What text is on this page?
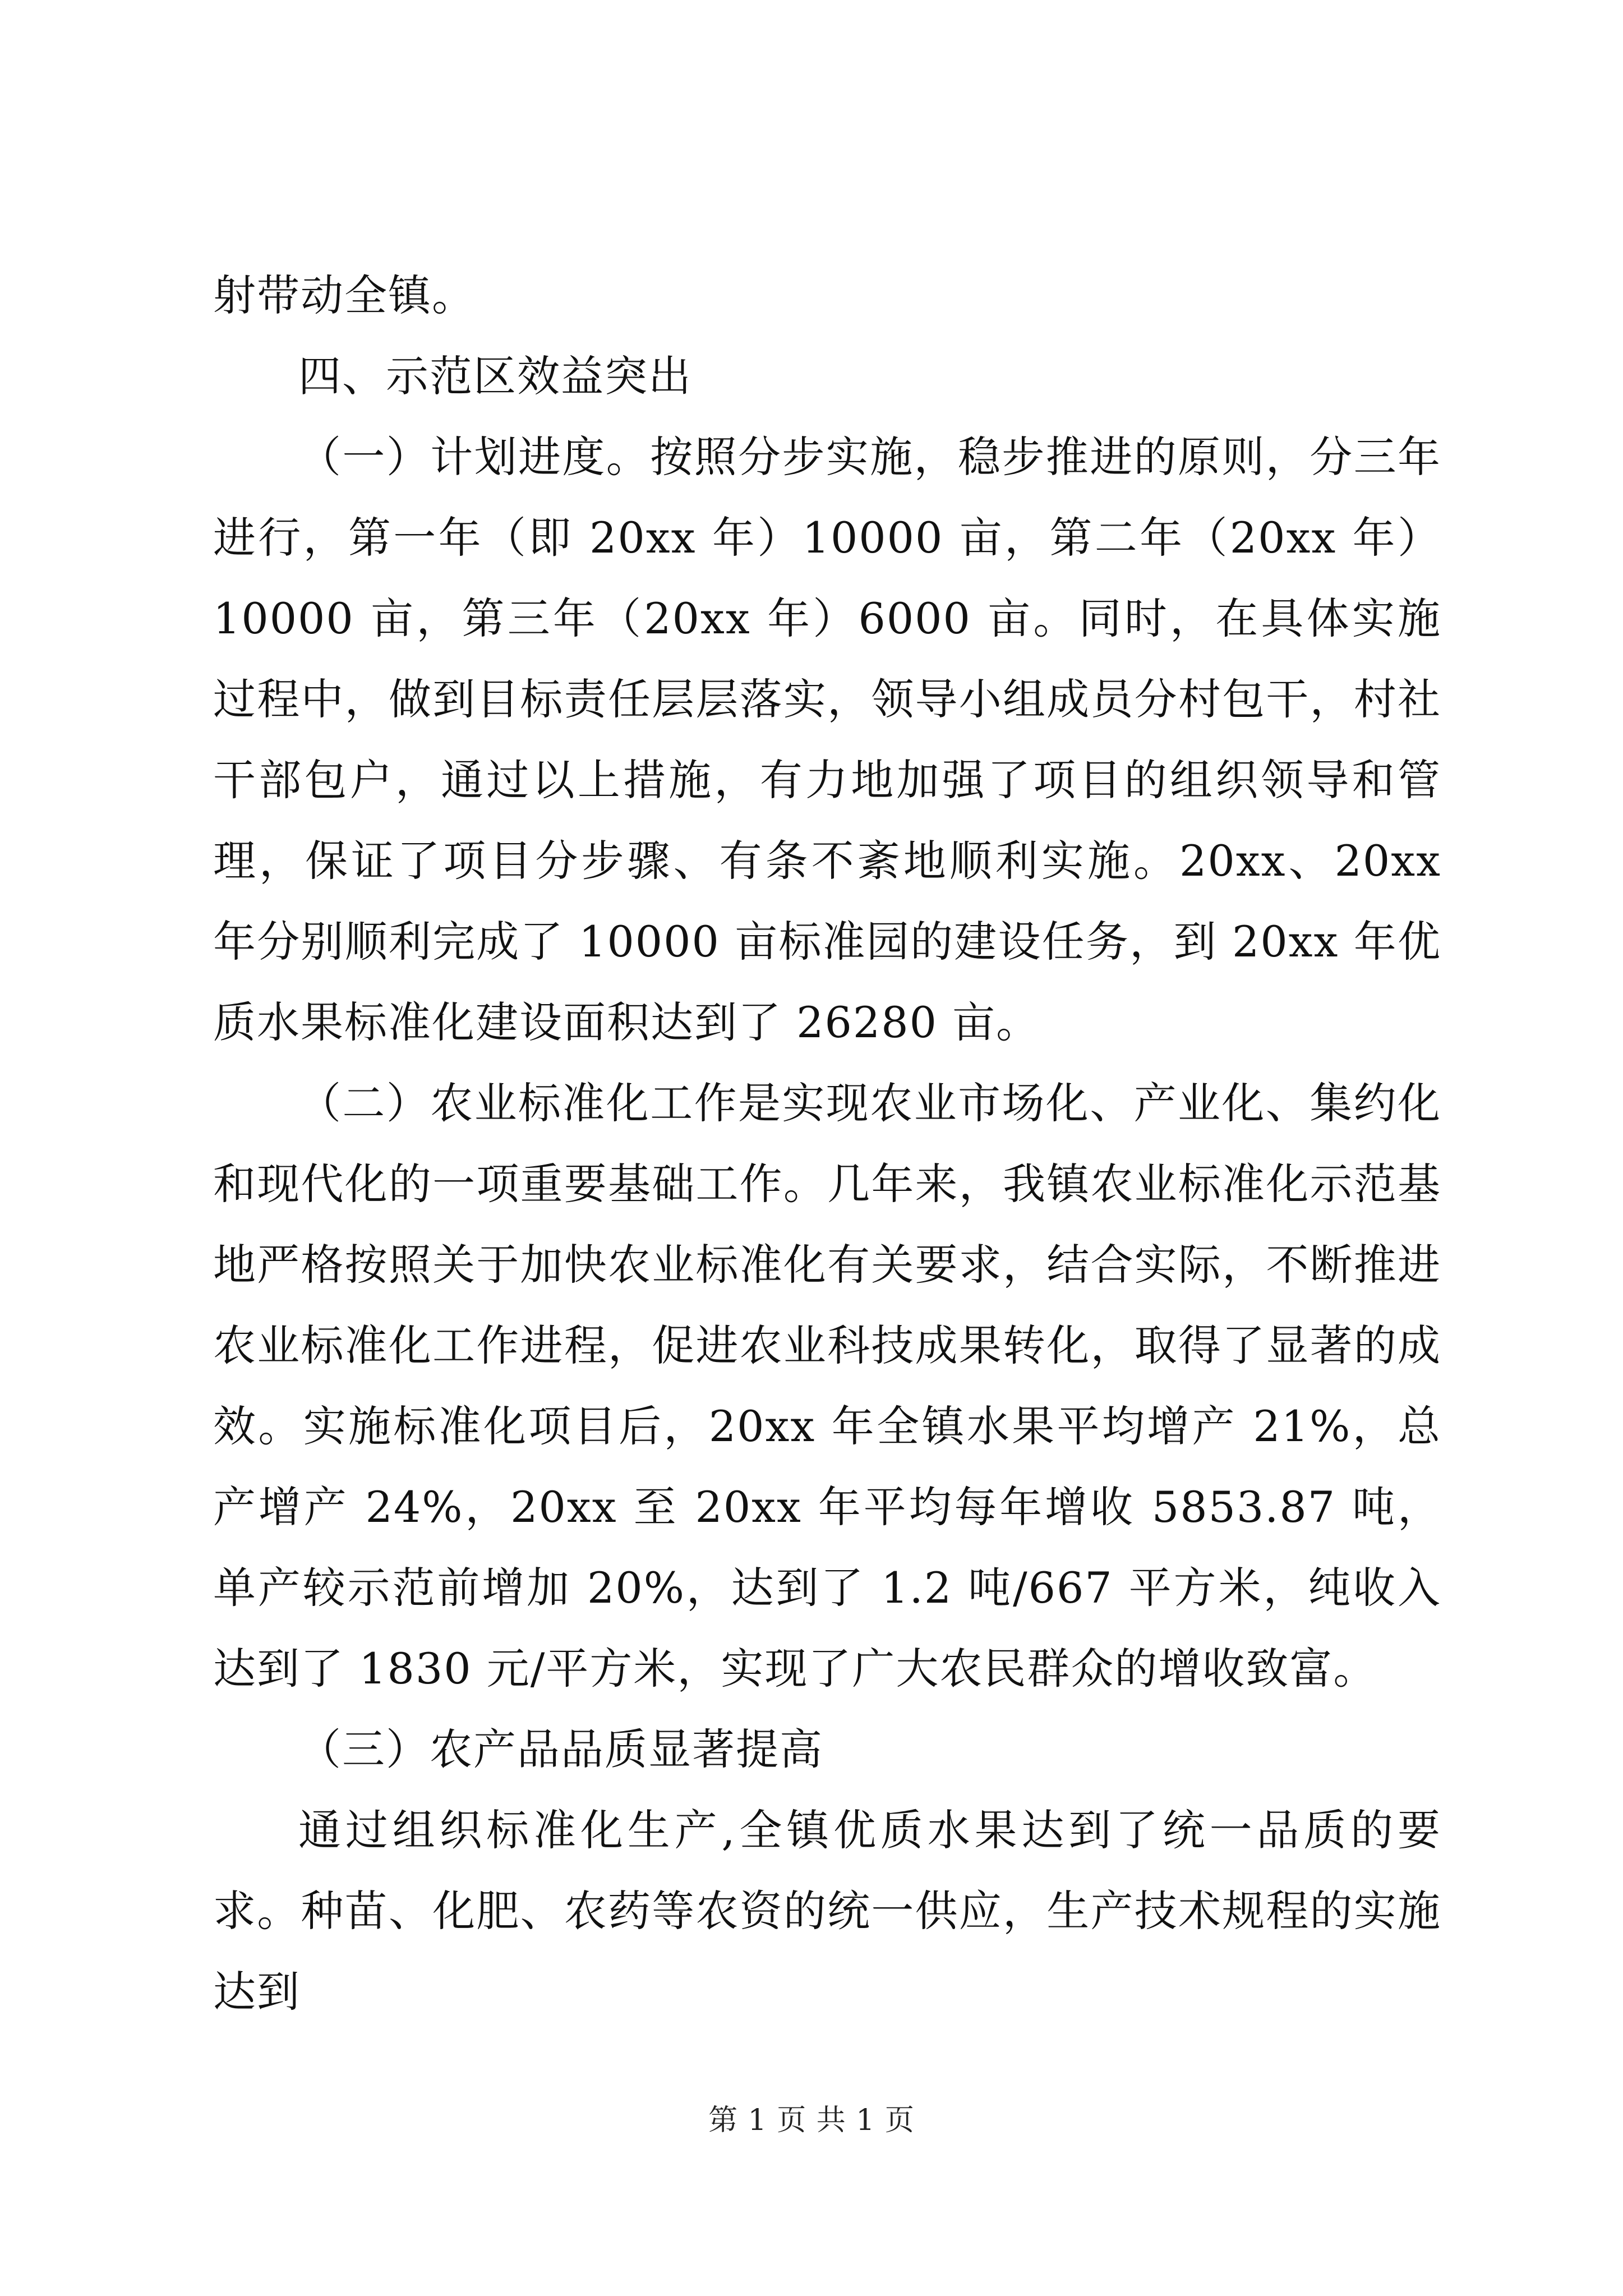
射带动全镇。

四、示范区效益突出

（一）计划进度。按照分步实施，稳步推进的原则，分三年进行，第一年（即 20xx 年）10000 亩，第二年（20xx 年）10000 亩，第三年（20xx 年）6000 亩。同时，在具体实施过程中，做到目标责任层层落实，领导小组成员分村包干，村社干部包户，通过以上措施，有力地加强了项目的组织领导和管理，保证了项目分步骤、有条不紊地顺利实施。20xx、20xx 年分别顺利完成了 10000 亩标准园的建设任务，到 20xx 年优质水果标准化建设面积达到了 26280 亩。

（二）农业标准化工作是实现农业市场化、产业化、集约化和现代化的一项重要基础工作。几年来，我镇农业标准化示范基地严格按照关于加快农业标准化有关要求，结合实际，不断推进农业标准化工作进程，促进农业科技成果转化，取得了显著的成效。实施标准化项目后，20xx 年全镇水果平均增产 21%，总产增产 24%，20xx 至 20xx 年平均每年增收 5853.87 吨，单产较示范前增加 20%，达到了 1.2 吨/667 平方米，纯收入达到了 1830 元/平方米，实现了广大农民群众的增收致富。

（三）农产品品质显著提高

通过组织标准化生产,全镇优质水果达到了统一品质的要求。种苗、化肥、农药等农资的统一供应，生产技术规程的实施达到

第 1 页 共 1 页
